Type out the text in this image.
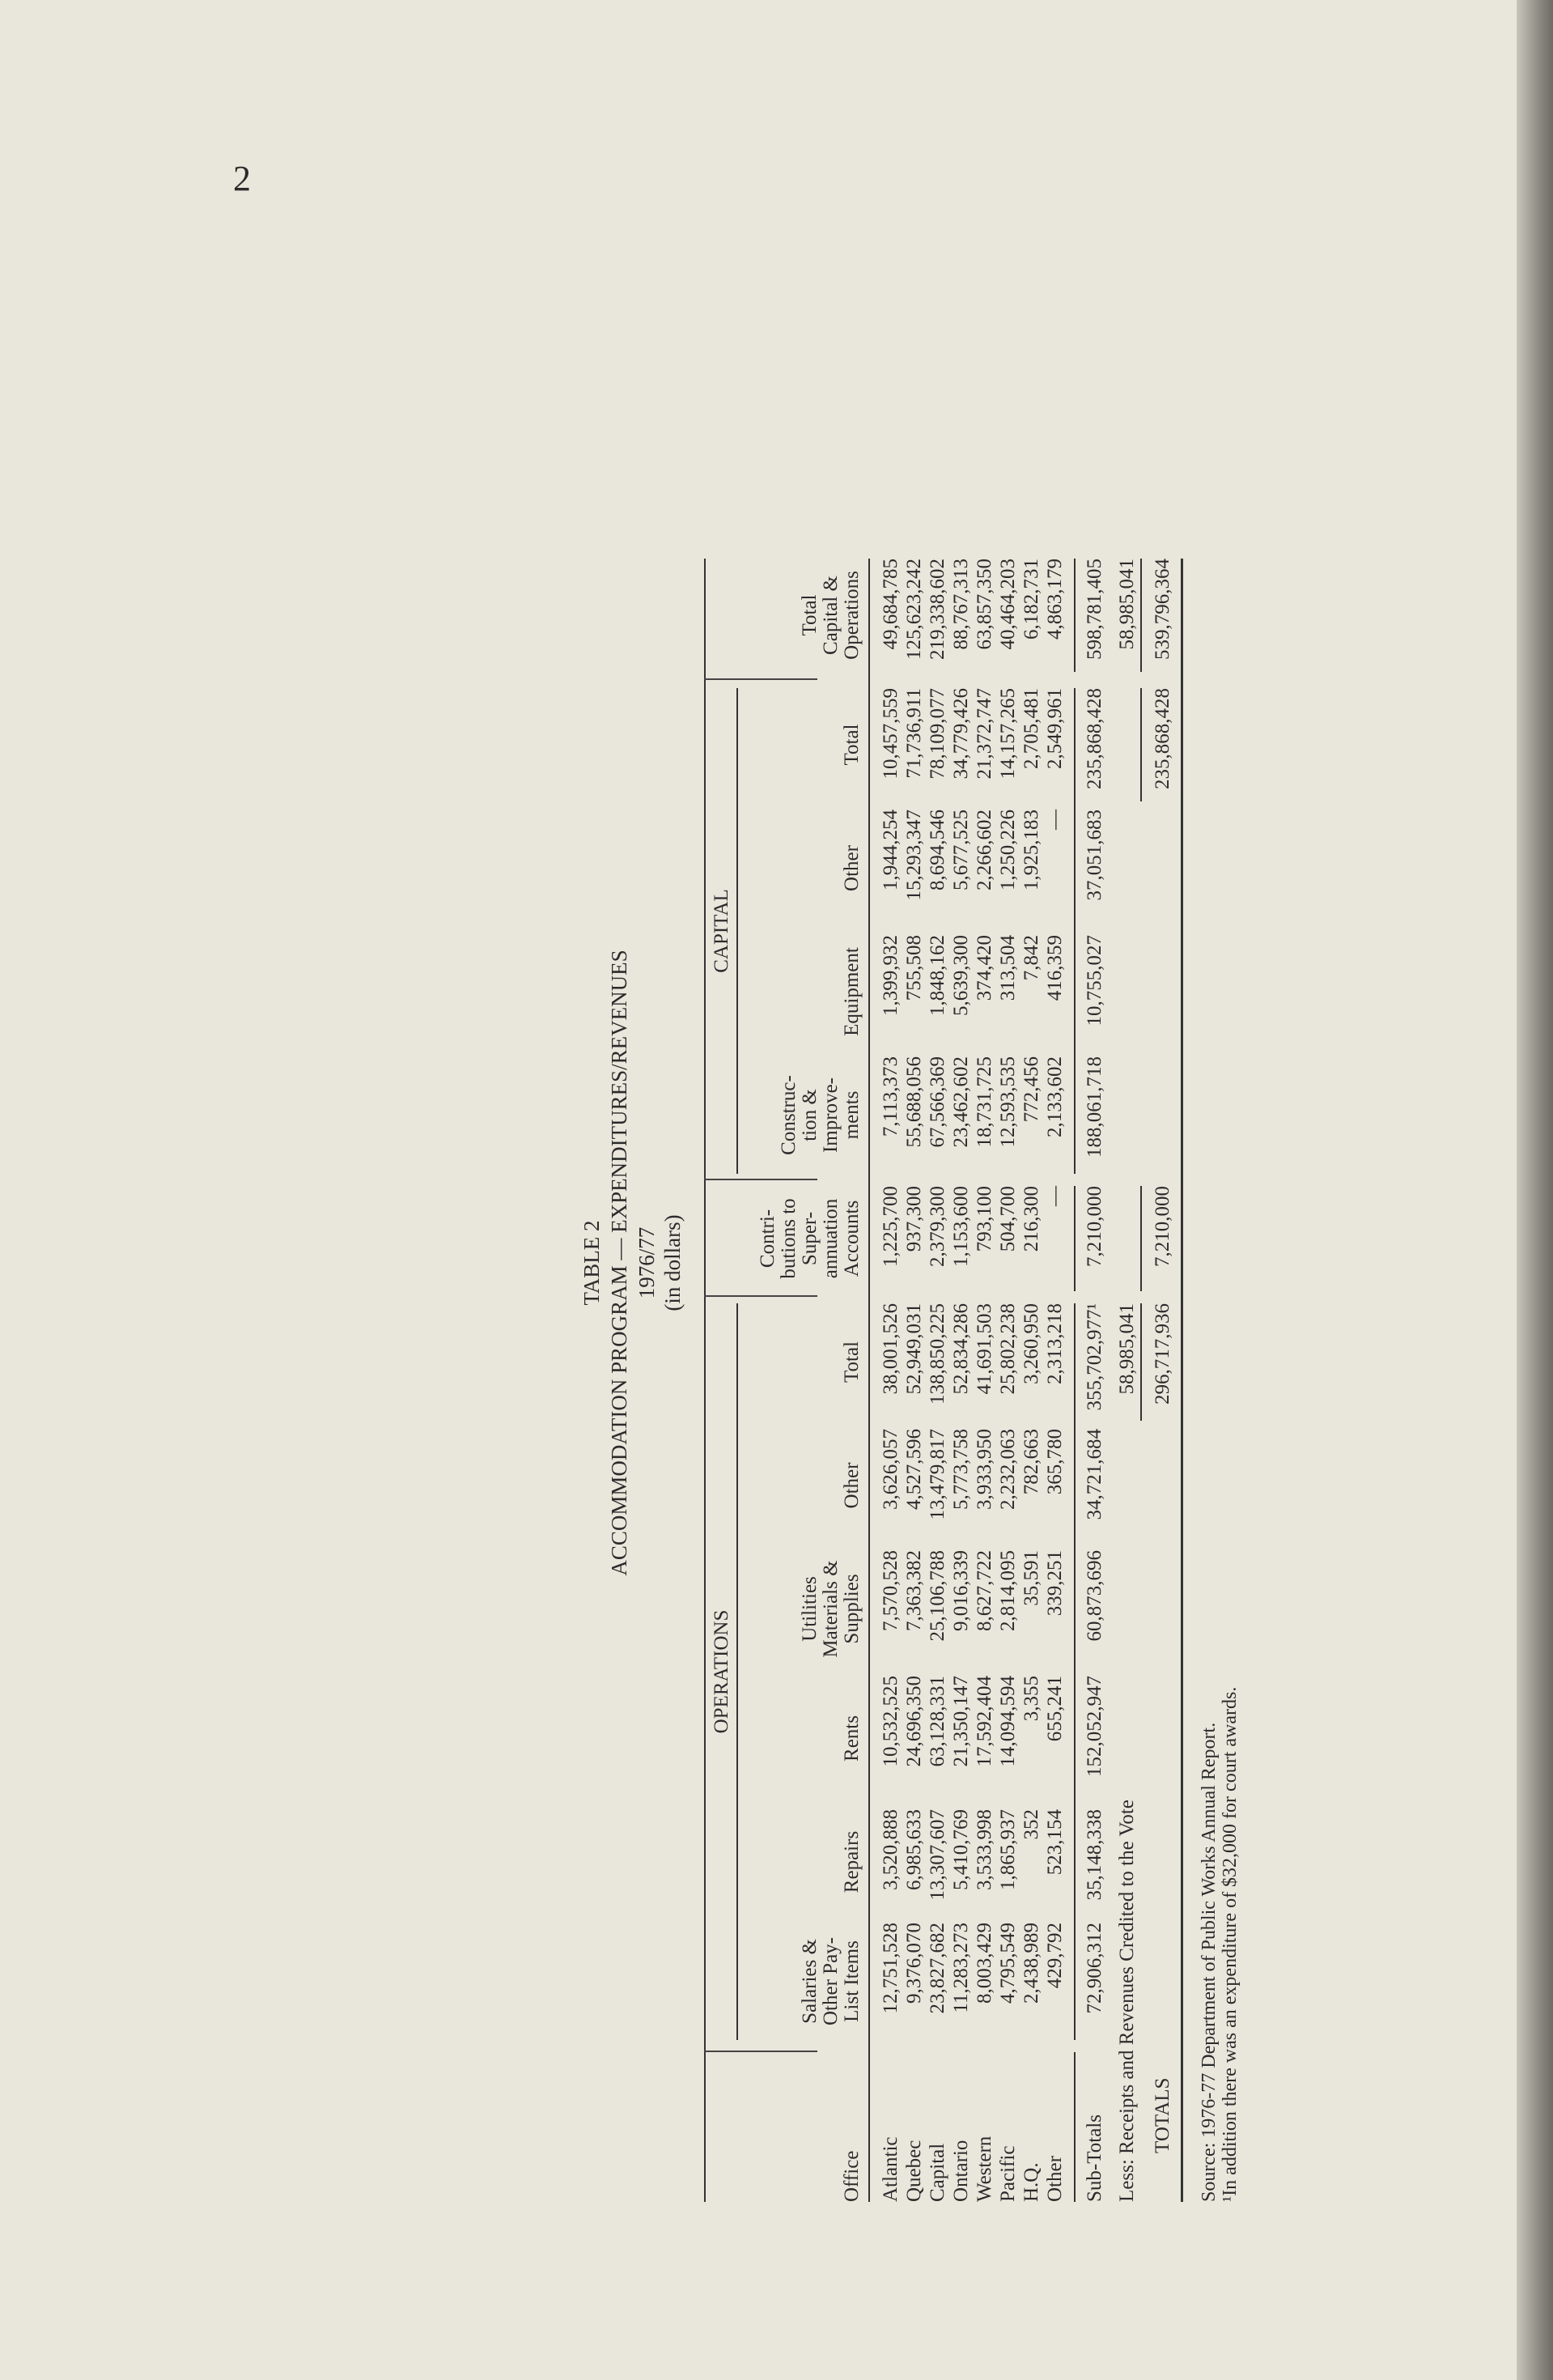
2
TABLE 2 ACCOMMODATION PROGRAM — EXPENDITURES/REVENUES 1976/77 (in dollars)
OPERATIONS
CAPITAL
Office
Salaries & Other Pay- List Items
Repairs
Rents
Utilities Materials & Supplies
Other
Total
Contri- butions to Super- annuation Accounts
Construc- tion & Improve- ments
Equipment
Other
Total
Total Capital & Operations
Atlantic
12,751,528
3,520,888
10,532,525
7,570,528
3,626,057
38,001,526
1,225,700
7,113,373
1,399,932
1,944,254
10,457,559
49,684,785
Quebec
9,376,070
6,985,633
24,696,350
7,363,382
4,527,596
52,949,031
937,300
55,688,056
755,508
15,293,347
71,736,911
125,623,242
Capital
23,827,682
13,307,607
63,128,331
25,106,788
13,479,817
138,850,225
2,379,300
67,566,369
1,848,162
8,694,546
78,109,077
219,338,602
Ontario
11,283,273
5,410,769
21,350,147
9,016,339
5,773,758
52,834,286
1,153,600
23,462,602
5,639,300
5,677,525
34,779,426
88,767,313
Western
8,003,429
3,533,998
17,592,404
8,627,722
3,933,950
41,691,503
793,100
18,731,725
374,420
2,266,602
21,372,747
63,857,350
Pacific
4,795,549
1,865,937
14,094,594
2,814,095
2,232,063
25,802,238
504,700
12,593,535
313,504
1,250,226
14,157,265
40,464,203
H.Q.
2,438,989
352
3,355
35,591
782,663
3,260,950
216,300
772,456
7,842
1,925,183
2,705,481
6,182,731
Other
429,792
523,154
655,241
339,251
365,780
2,313,218
—
2,133,602
416,359
—
2,549,961
4,863,179
Sub-Totals
72,906,312
35,148,338
152,052,947
60,873,696
34,721,684
355,702,977¹
7,210,000
188,061,718
10,755,027
37,051,683
235,868,428
598,781,405
Less: Receipts and Revenues Credited to the Vote
58,985,041
58,985,041
TOTALS
296,717,936
7,210,000
235,868,428
539,796,364
Source: 1976-77 Department of Public Works Annual Report. ¹In addition there was an expenditure of $32,000 for court awards.
